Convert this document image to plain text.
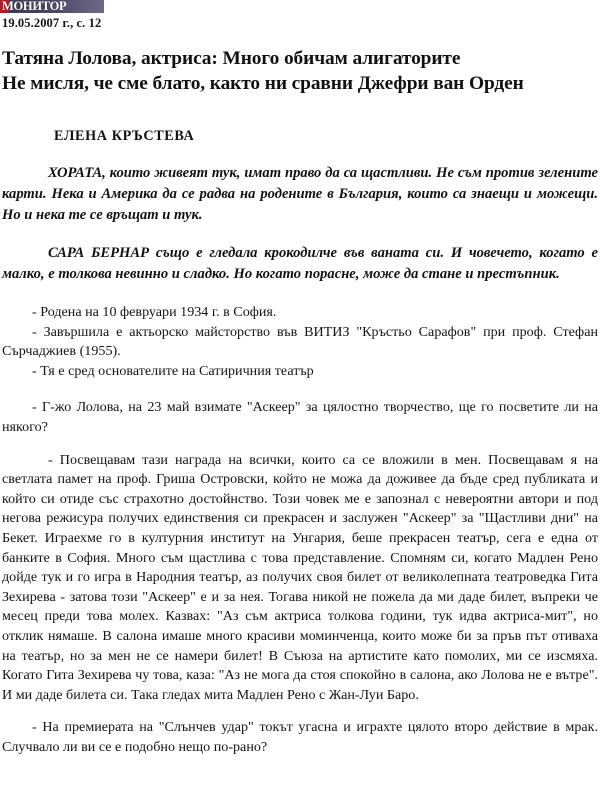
МОНИТОР
19.05.2007 г., с. 12
Татяна Лолова, актриса: Много обичам алигаторите
Не мисля, че сме блато, както ни сравни Джефри ван Орден
ЕЛЕНА КРЪСТЕВА

ХОРАТА, които живеят тук, имат право да са щастливи. Не съм против зелените карти. Нека и Америка да се радва на родените в България, които са знаещи и можещи. Но и нека те се връщат и тук.

САРА БЕРНАР също е гледала крокодилче във ваната си. И човечето, когато е малко, е толкова невинно и сладко. Но когато порасне, може да стане и престъпник.

- Родена на 10 февруари 1934 г. в София.

- Завършила е актьорско майсторство във ВИТИЗ "Кръстьо Сарафов" при проф. Стефан Сърчаджиев (1955).

- Тя е сред основателите на Сатиричния театър

- Г-жо Лолова, на 23 май взимате "Аскеер" за цялостно творчество, ще го посветите ли на някого?

- Посвещавам тази награда на всички, които са се вложили в мен. Посвещавам я на светлата памет на проф. Гриша Островски, който не можа да доживее да бъде сред публиката и който си отиде със страхотно достойнство. Този човек ме е запознал с невероятни автори и под негова режисура получих единствения си прекрасен и заслужен "Аскеер" за "Щастливи дни" на Бекет. Играехме го в културния институт на Унгария, беше прекрасен театър, сега е една от банките в София. Много съм щастлива с това представление. Спомням си, когато Мадлен Рено дойде тук и го игра в Народния театър, аз получих своя билет от великолепната театроведка Гита Зехирева - затова този "Аскеер" е и за нея. Тогава никой не пожела да ми даде билет, въпреки че месец преди това молех. Казвах: "Аз съм актриса толкова години, тук идва актриса-мит", но отклик нямаше. В салона имаше много красиви моминченца, които може би за пръв път отиваха на театър, но за мен не се намери билет! В Съюза на артистите като помолих, ми се изсмяха. Когато Гита Зехирева чу това, каза: "Аз не мога да стоя спокойно в салона, ако Лолова не е вътре". И ми даде билета си. Така гледах мита Мадлен Рено с Жан-Луи Баро.

- На премиерата на "Слънчев удар" токът угасна и играхте цялото второ действие в мрак. Случвало ли ви се е подобно нещо по-рано?
